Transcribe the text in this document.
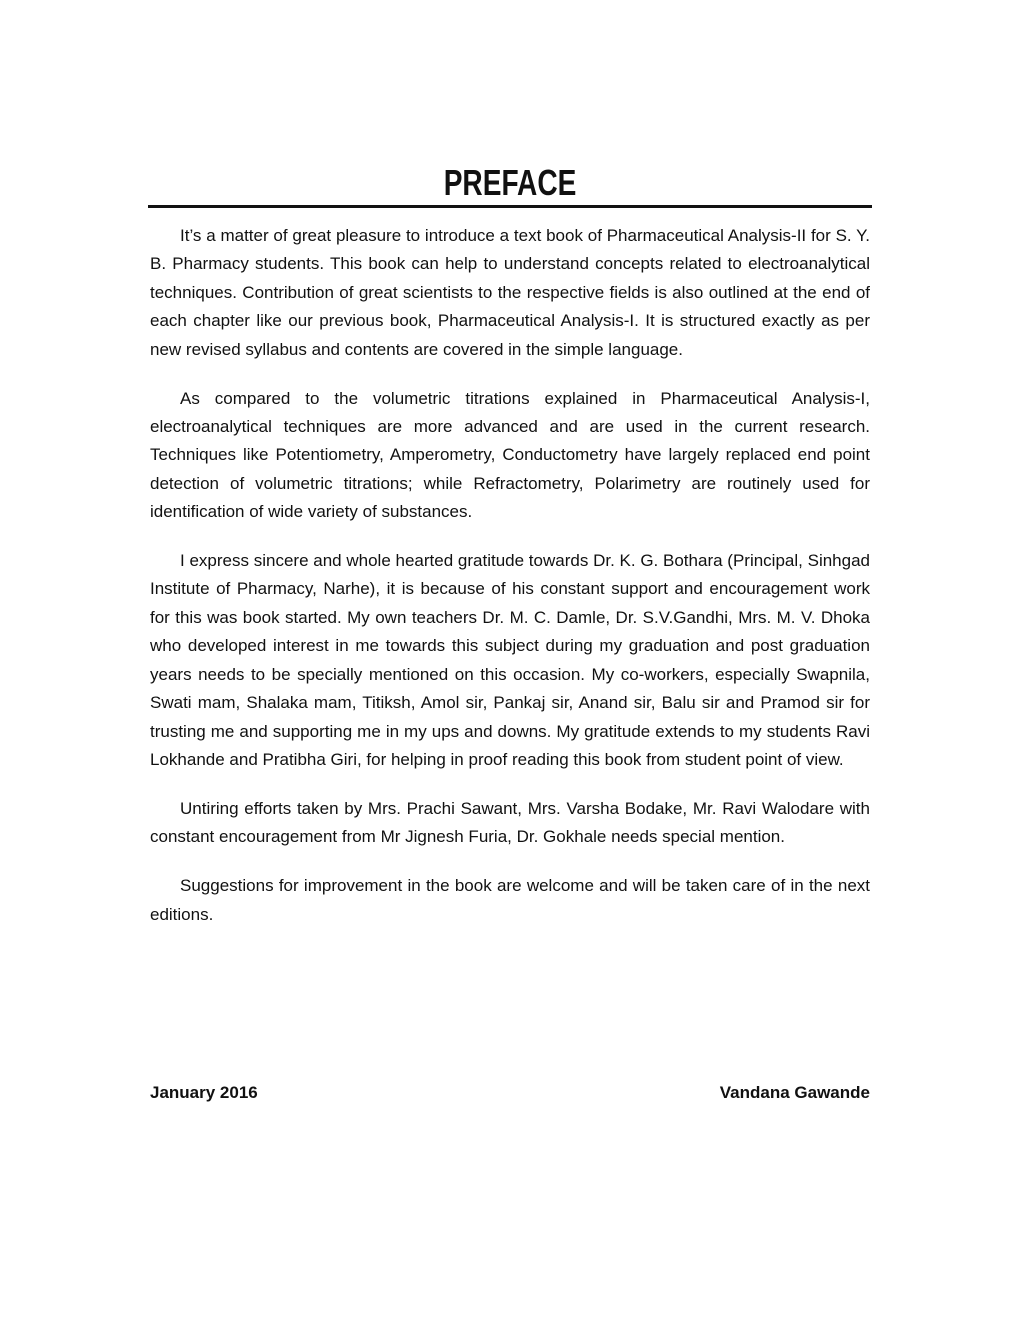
PREFACE

It’s a matter of great pleasure to introduce a text book of Pharmaceutical Analysis-II for S. Y. B. Pharmacy students. This book can help to understand concepts related to electroanalytical techniques. Contribution of great scientists to the respective fields is also outlined at the end of each chapter like our previous book, Pharmaceutical Analysis-I. It is structured exactly as per new revised syllabus and contents are covered in the simple language.

As compared to the volumetric titrations explained in Pharmaceutical Analysis-I, electroanalytical techniques are more advanced and are used in the current research. Techniques like Potentiometry, Amperometry, Conductometry have largely replaced end point detection of volumetric titrations; while Refractometry, Polarimetry are routinely used for identification of wide variety of substances.

I express sincere and whole hearted gratitude towards Dr. K. G. Bothara (Principal, Sinhgad Institute of Pharmacy, Narhe), it is because of his constant support and encouragement work for this was book started. My own teachers Dr. M. C. Damle, Dr. S.V.Gandhi, Mrs. M. V. Dhoka who developed interest in me towards this subject during my graduation and post graduation years needs to be specially mentioned on this occasion. My co-workers, especially Swapnila, Swati mam, Shalaka mam, Titiksh, Amol sir, Pankaj sir, Anand sir, Balu sir and Pramod sir for trusting me and supporting me in my ups and downs. My gratitude extends to my students Ravi Lokhande and Pratibha Giri, for helping in proof reading this book from student point of view.

Untiring efforts taken by Mrs. Prachi Sawant, Mrs. Varsha Bodake, Mr. Ravi Walodare with constant encouragement from Mr Jignesh Furia, Dr. Gokhale needs special mention.

Suggestions for improvement in the book are welcome and will be taken care of in the next editions.

January 2016	Vandana Gawande
